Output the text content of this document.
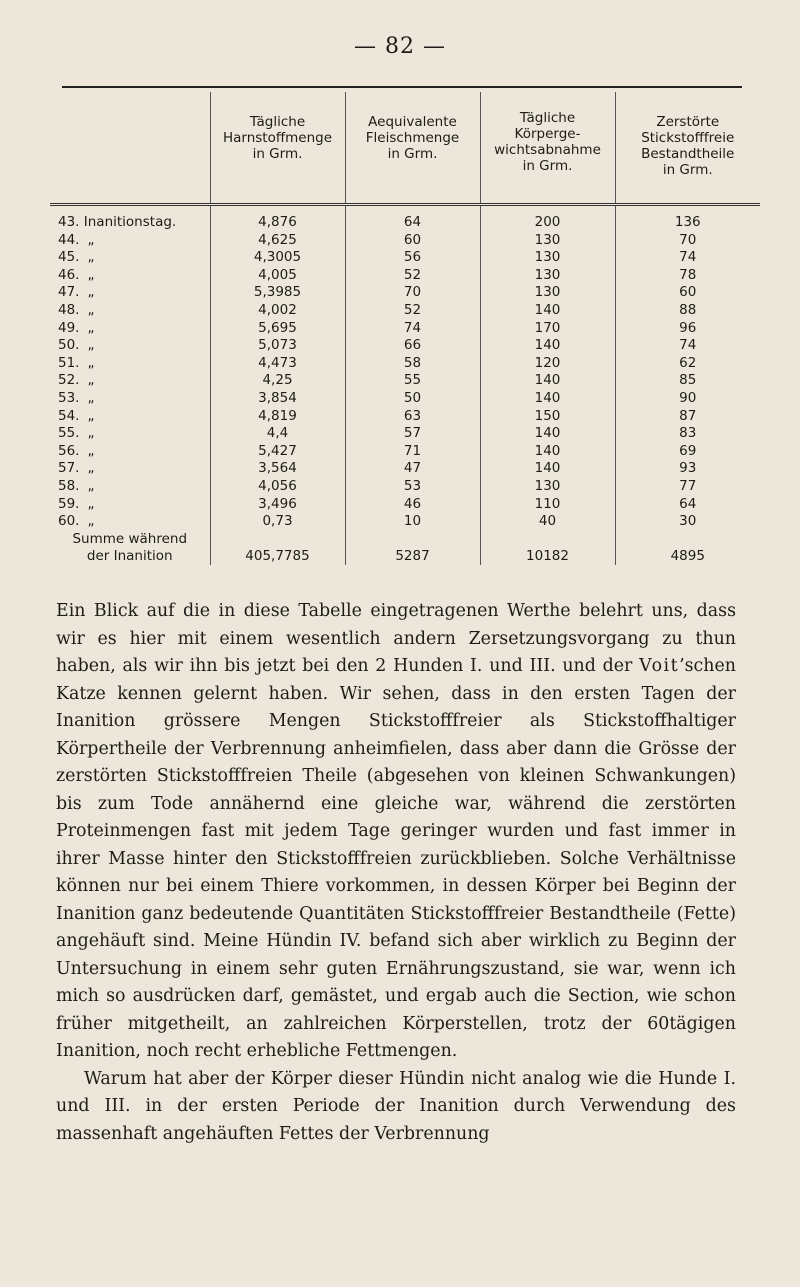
— 82 —
	Tägliche
Harnstoffmenge
in Grm.	Aequivalente
Fleischmenge
in Grm.	Tägliche
Körperge-
wichtsabnahme
in Grm.	Zerstörte
Stickstofffreie
Bestandtheile
in Grm.
43. Inanitionstag.	4,876	64	200	136
44. „	4,625	60	130	70
45. „	4,3005	56	130	74
46. „	4,005	52	130	78
47. „	5,3985	70	130	60
48. „	4,002	52	140	88
49. „	5,695	74	170	96
50. „	5,073	66	140	74
51. „	4,473	58	120	62
52. „	4,25	55	140	85
53. „	3,854	50	140	90
54. „	4,819	63	150	87
55. „	4,4	57	140	83
56. „	5,427	71	140	69
57. „	3,564	47	140	93
58. „	4,056	53	130	77
59. „	3,496	46	110	64
60. „	0,73	10	40	30
Summe während
der Inanition	405,7785	5287	10182	4895

Ein Blick auf die in diese Tabelle eingetragenen Werthe belehrt uns, dass wir es hier mit einem wesentlich andern Zersetzungsvorgang zu thun haben, als wir ihn bis jetzt bei den 2 Hunden I. und III. und der Voit’schen Katze kennen gelernt haben. Wir sehen, dass in den ersten Tagen der Inanition grössere Mengen Stickstofffreier als Stickstoffhaltiger Körpertheile der Verbrennung anheimfielen, dass aber dann die Grösse der zerstörten Stickstofffreien Theile (abgesehen von kleinen Schwankungen) bis zum Tode annähernd eine gleiche war, während die zerstörten Proteinmengen fast mit jedem Tage geringer wurden und fast immer in ihrer Masse hinter den Stickstofffreien zurückblieben. Solche Verhältnisse können nur bei einem Thiere vorkommen, in dessen Körper bei Beginn der Inanition ganz bedeutende Quantitäten Stickstofffreier Bestandtheile (Fette) angehäuft sind. Meine Hündin IV. befand sich aber wirklich zu Beginn der Untersuchung in einem sehr guten Ernährungszustand, sie war, wenn ich mich so ausdrücken darf, gemästet, und ergab auch die Section, wie schon früher mitgetheilt, an zahlreichen Körperstellen, trotz der 60tägigen Inanition, noch recht erhebliche Fettmengen.

Warum hat aber der Körper dieser Hündin nicht analog wie die Hunde I. und III. in der ersten Periode der Inanition durch Verwendung des massenhaft angehäuften Fettes der Verbrennung
